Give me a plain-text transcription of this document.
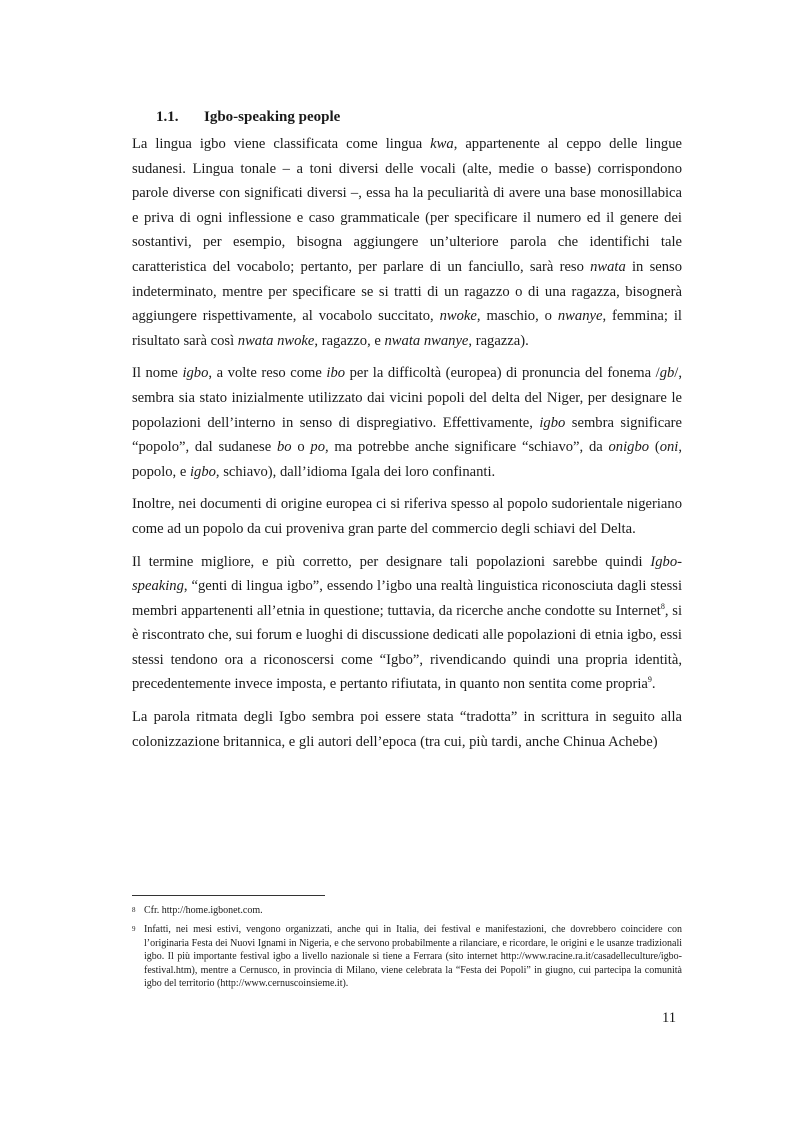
1.1. Igbo-speaking people

La lingua igbo viene classificata come lingua kwa, appartenente al ceppo delle lingue sudanesi. Lingua tonale – a toni diversi delle vocali (alte, medie o basse) corrispondono parole diverse con significati diversi –, essa ha la peculiarità di avere una base monosillabica e priva di ogni inflessione e caso grammaticale (per specificare il numero ed il genere dei sostantivi, per esempio, bisogna aggiungere un’ulteriore parola che identifichi tale caratteristica del vocabolo; pertanto, per parlare di un fanciullo, sarà reso nwata in senso indeterminato, mentre per specificare se si tratti di un ragazzo o di una ragazza, bisognerà aggiungere rispettivamente, al vocabolo succitato, nwoke, maschio, o nwanye, femmina; il risultato sarà così nwata nwoke, ragazzo, e nwata nwanye, ragazza).

Il nome igbo, a volte reso come ibo per la difficoltà (europea) di pronuncia del fonema /gb/, sembra sia stato inizialmente utilizzato dai vicini popoli del delta del Niger, per designare le popolazioni dell’interno in senso di dispregiativo. Effettivamente, igbo sembra significare “popolo”, dal sudanese bo o po, ma potrebbe anche significare “schiavo”, da onigbo (oni, popolo, e igbo, schiavo), dall’idioma Igala dei loro confinanti.

Inoltre, nei documenti di origine europea ci si riferiva spesso al popolo sudorientale nigeriano come ad un popolo da cui proveniva gran parte del commercio degli schiavi del Delta.

Il termine migliore, e più corretto, per designare tali popolazioni sarebbe quindi Igbo-speaking, “genti di lingua igbo”, essendo l’igbo una realtà linguistica riconosciuta dagli stessi membri appartenenti all’etnia in questione; tuttavia, da ricerche anche condotte su Internet$^8$, si è riscontrato che, sui forum e luoghi di discussione dedicati alle popolazioni di etnia igbo, essi stessi tendono ora a riconoscersi come “Igbo”, rivendicando quindi una propria identità, precedentemente invece imposta, e pertanto rifiutata, in quanto non sentita come propria$^9$.

La parola ritmata degli Igbo sembra poi essere stata “tradotta” in scrittura in seguito alla colonizzazione britannica, e gli autori dell’epoca (tra cui, più tardi, anche Chinua Achebe)

8 Cfr. http://home.igbonet.com.
9 Infatti, nei mesi estivi, vengono organizzati, anche qui in Italia, dei festival e manifestazioni, che dovrebbero coincidere con l’originaria Festa dei Nuovi Ignami in Nigeria, e che servono probabilmente a rilanciare, e ricordare, le origini e le usanze tradizionali igbo. Il più importante festival igbo a livello nazionale si tiene a Ferrara (sito internet http://www.racine.ra.it/casadelleculture/igbo-festival.htm), mentre a Cernusco, in provincia di Milano, viene celebrata la “Festa dei Popoli” in giugno, cui partecipa la comunità igbo del territorio (http://www.cernuscoinsieme.it).
11
